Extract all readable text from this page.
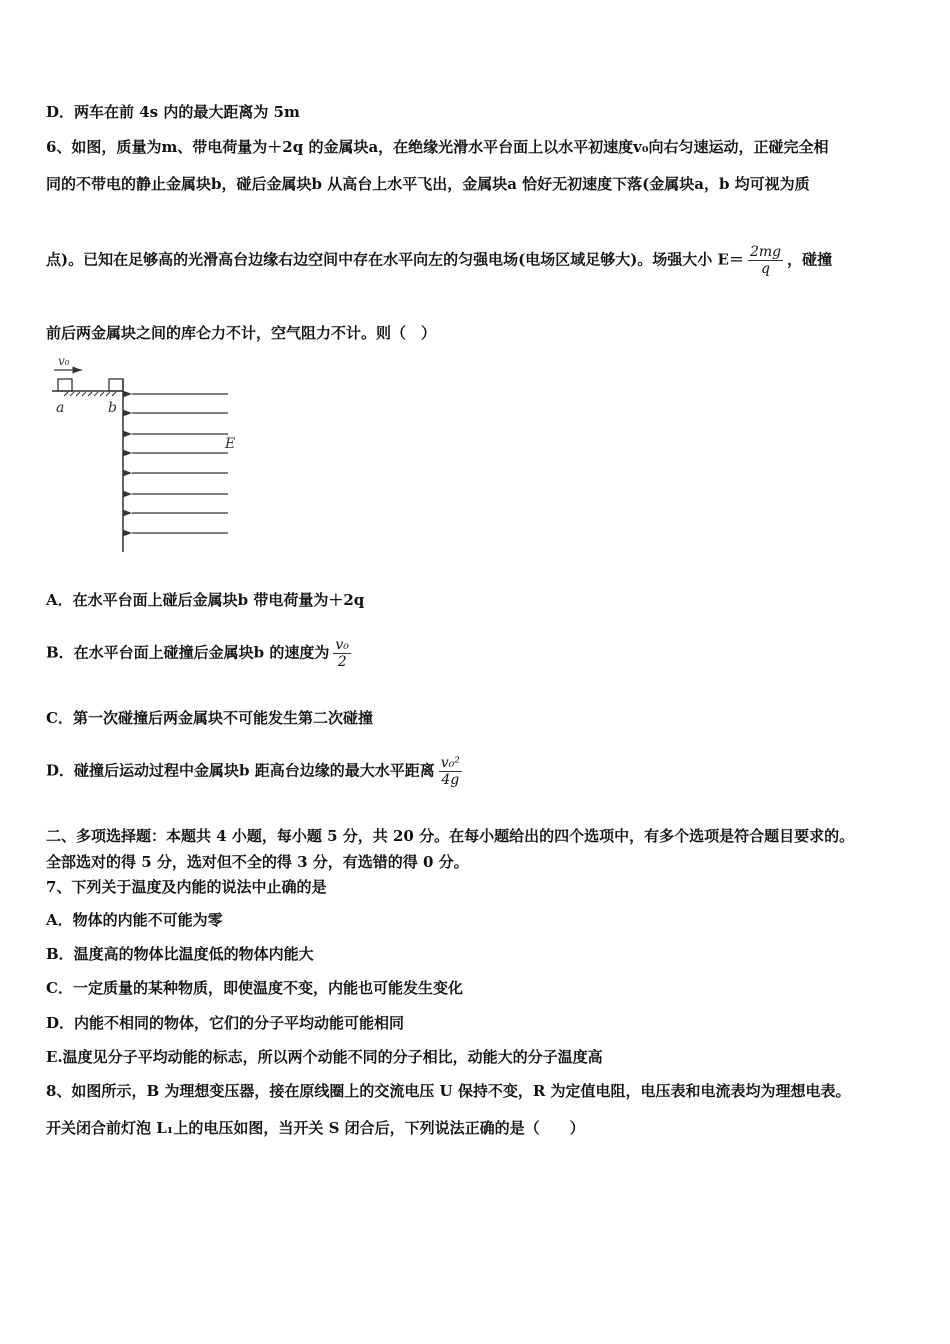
D．两车在前 4s 内的最大距离为 5m
6、如图，质量为m、带电荷量为＋2q 的金属块a，在绝缘光滑水平台面上以水平初速度v₀向右匀速运动，正碰完全相
同的不带电的静止金属块b，碰后金属块b 从高台上水平飞出，金属块a 恰好无初速度下落(金属块a，b 均可视为质
点)。已知在足够高的光滑高台边缘右边空间中存在水平向左的匀强电场(电场区域足够大)。场强大小 $E= \frac{2mg}{q}$ ，碰撞
前后两金属块之间的库仑力不计，空气阻力不计。则（　）
v₀
a	b
E
A．在水平台面上碰后金属块b 带电荷量为＋2q
B．在水平台面上碰撞后金属块b 的速度为 $\frac{\text{v₀}}{2}$
C．第一次碰撞后两金属块不可能发生第二次碰撞
D．碰撞后运动过程中金属块b 距高台边缘的最大水平距离 $\frac{\text{v₀²}}{4g}$
二、多项选择题：本题共 4 小题，每小题 5 分，共 20 分。在每小题给出的四个选项中，有多个选项是符合题目要求的。
全部选对的得 5 分，选对但不全的得 3 分，有选错的得 0 分。
7、下列关于温度及内能的说法中止确的是
A．物体的内能不可能为零
B．温度高的物体比温度低的物体内能大
C．一定质量的某种物质，即使温度不变，内能也可能发生变化
D．内能不相同的物体，它们的分子平均动能可能相同
E.温度见分子平均动能的标志，所以两个动能不同的分子相比，动能大的分子温度高
8、如图所示，B 为理想变压器，接在原线圈上的交流电压 U 保持不变，R 为定值电阻，电压表和电流表均为理想电表。
开关闭合前灯泡 L₁上的电压如图，当开关 S 闭合后，下列说法正确的是（　　）
